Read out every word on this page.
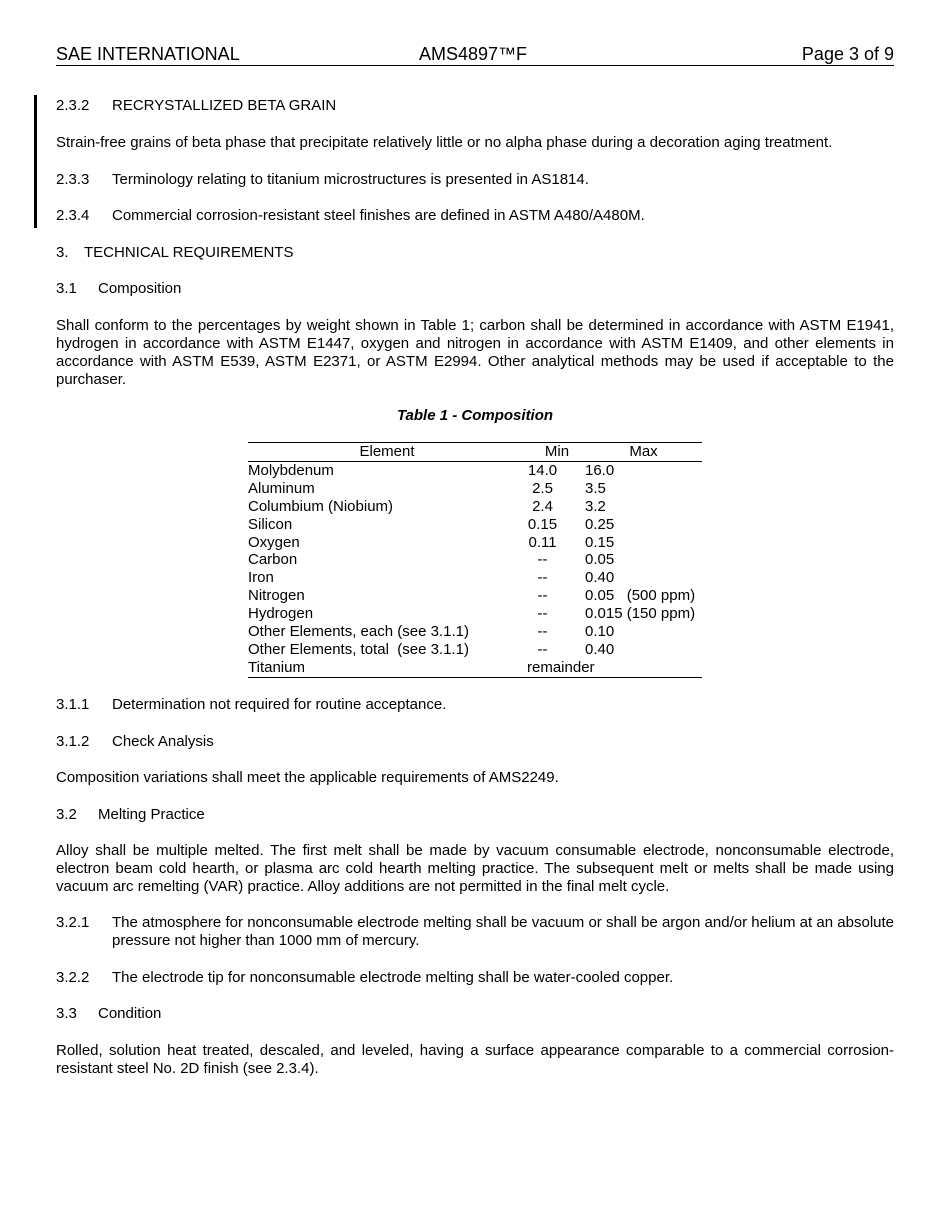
SAE INTERNATIONAL	AMS4897™F	Page 3 of 9
2.3.2 RECRYSTALLIZED BETA GRAIN
Strain-free grains of beta phase that precipitate relatively little or no alpha phase during a decoration aging treatment.
2.3.3 Terminology relating to titanium microstructures is presented in AS1814.
2.3.4 Commercial corrosion-resistant steel finishes are defined in ASTM A480/A480M.
3. TECHNICAL REQUIREMENTS
3.1 Composition
Shall conform to the percentages by weight shown in Table 1; carbon shall be determined in accordance with ASTM E1941, hydrogen in accordance with ASTM E1447, oxygen and nitrogen in accordance with ASTM E1409, and other elements in accordance with ASTM E539, ASTM E2371, or ASTM E2994. Other analytical methods may be used if acceptable to the purchaser.
Table 1 - Composition
Element	Min	Max
Molybdenum	14.0 16.0
Aluminum	2.5	3.5
Columbium (Niobium)	2.4	3.2
Silicon	0.15 0.25
Oxygen	0.11 0.15
Carbon	--	0.05
Iron	--	0.40
Nitrogen	--	0.05   (500 ppm)
Hydrogen	--	0.015 (150 ppm)
Other Elements, each (see 3.1.1)	--	0.10
Other Elements, total  (see 3.1.1)	--	0.40
Titanium	remainder
3.1.1 Determination not required for routine acceptance.
3.1.2 Check Analysis
Composition variations shall meet the applicable requirements of AMS2249.
3.2 Melting Practice
Alloy shall be multiple melted. The first melt shall be made by vacuum consumable electrode, nonconsumable electrode, electron beam cold hearth, or plasma arc cold hearth melting practice. The subsequent melt or melts shall be made using vacuum arc remelting (VAR) practice. Alloy additions are not permitted in the final melt cycle.
3.2.1 The atmosphere for nonconsumable electrode melting shall be vacuum or shall be argon and/or helium at an absolute pressure not higher than 1000 mm of mercury.
3.2.2 The electrode tip for nonconsumable electrode melting shall be water-cooled copper.
3.3 Condition
Rolled, solution heat treated, descaled, and leveled, having a surface appearance comparable to a commercial corrosion-resistant steel No. 2D finish (see 2.3.4).
